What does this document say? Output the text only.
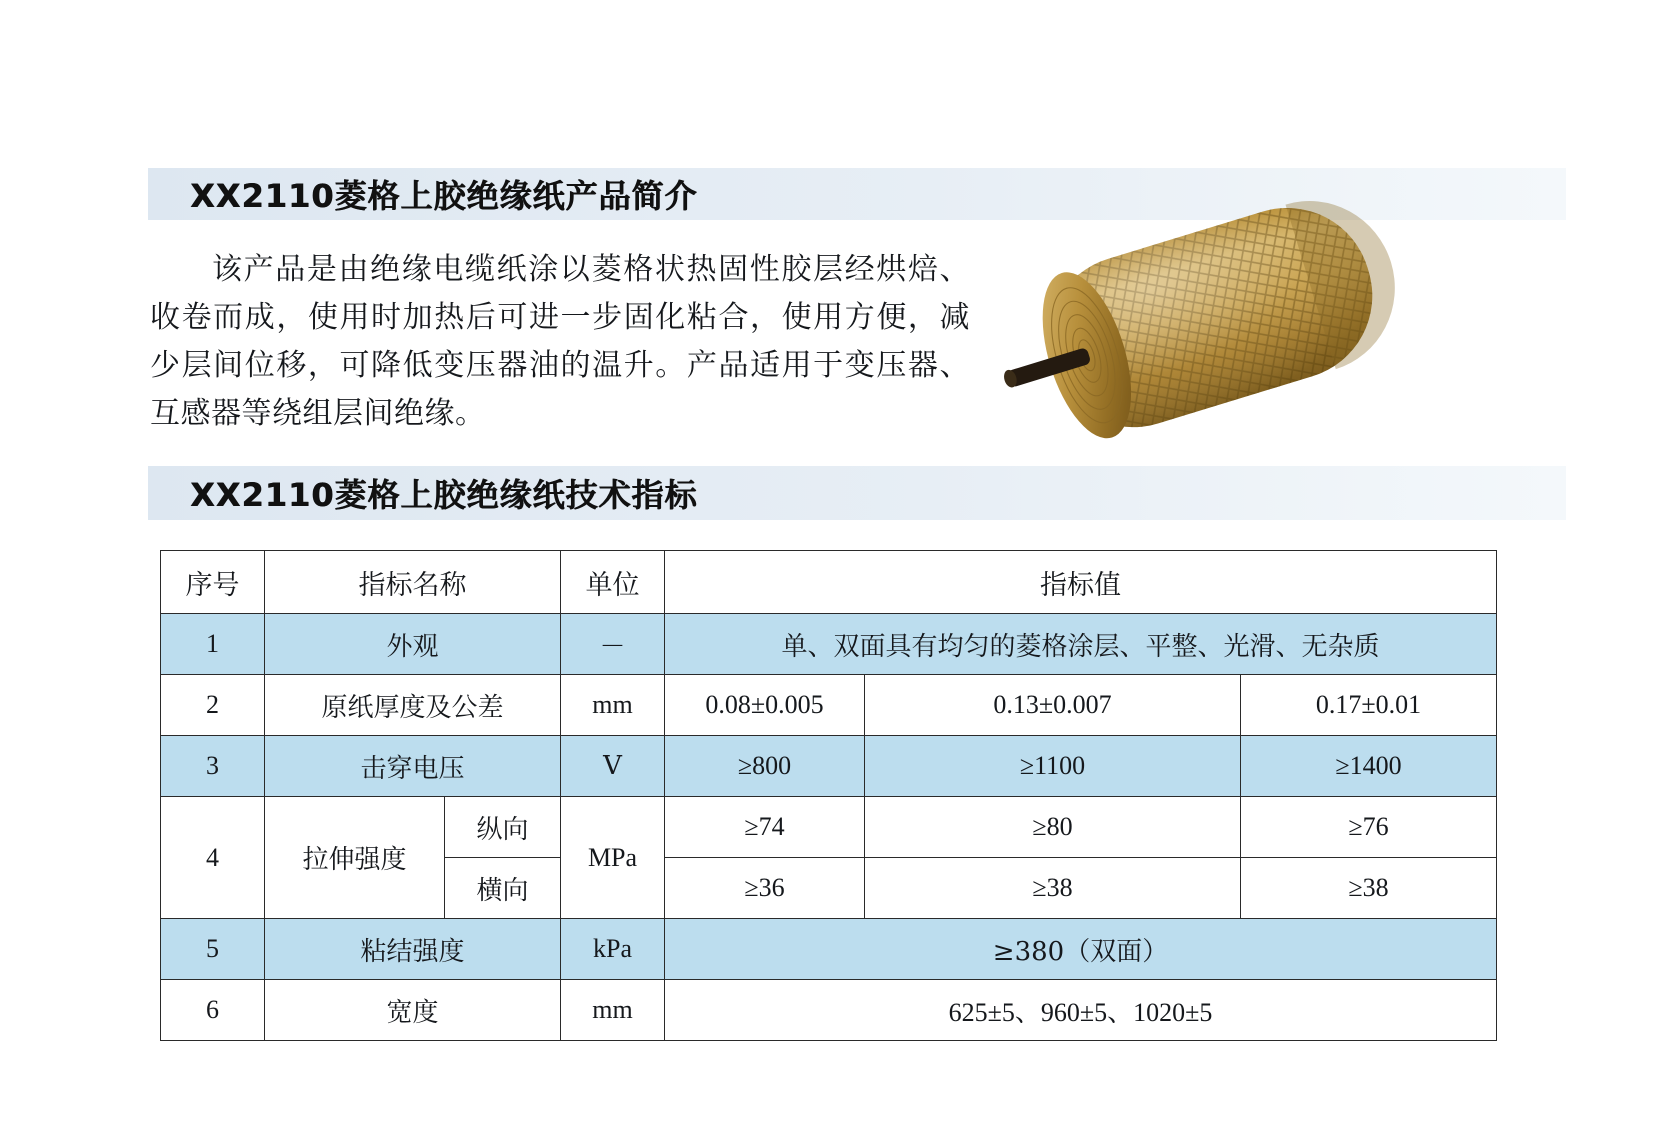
XX2110菱格上胶绝缘纸产品简介
该产品是由绝缘电缆纸涂以菱格状热固性胶层经烘焙、收卷而成，使用时加热后可进一步固化粘合，使用方便，减少层间位移，可降低变压器油的温升。产品适用于变压器、互感器等绕组层间绝缘。
XX2110菱格上胶绝缘纸技术指标
序号	指标名称		单位	指标值		
1	外观		－	单、双面具有均匀的菱格涂层、平整、光滑、无杂质		
2	原纸厚度及公差		mm	0.08±0.005	0.13±0.007	0.17±0.01
3	击穿电压		V	≥800	≥1100	≥1400
4	拉伸强度	纵向	MPa	≥74	≥80	≥76
		横向		≥36	≥38	≥38
5	粘结强度		kPa	≥380（双面）		
6	宽度		mm	625±5、960±5、1020±5		
